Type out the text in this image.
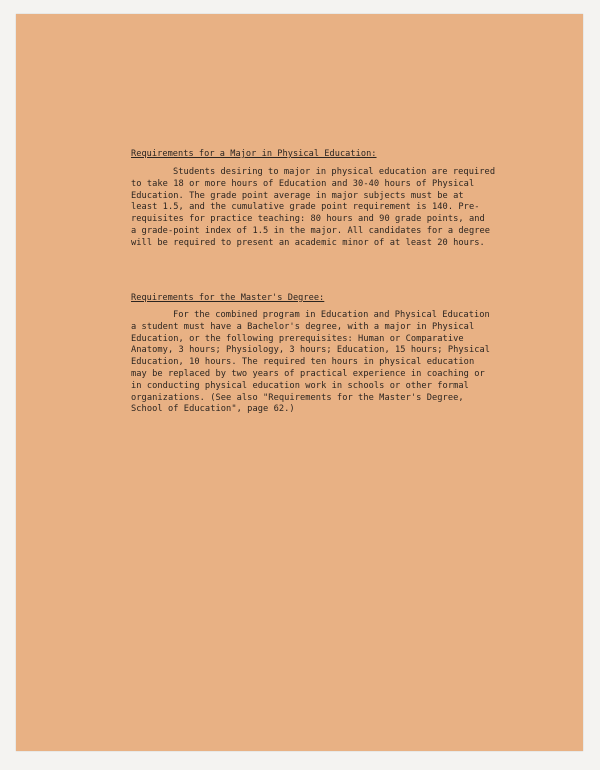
Requirements for a Major in Physical Education:
Students desiring to major in physical education are required
to take 18 or more hours of Education and 30-40 hours of Physical
Education. The grade point average in major subjects must be at
least 1.5, and the cumulative grade point requirement is 140. Pre-
requisites for practice teaching: 80 hours and 90 grade points, and
a grade-point index of 1.5 in the major. All candidates for a degree
will be required to present an academic minor of at least 20 hours.
Requirements for the Master's Degree:
For the combined program in Education and Physical Education
a student must have a Bachelor's degree, with a major in Physical
Education, or the following prerequisites: Human or Comparative
Anatomy, 3 hours; Physiology, 3 hours; Education, 15 hours; Physical
Education, 10 hours. The required ten hours in physical education
may be replaced by two years of practical experience in coaching or
in conducting physical education work in schools or other formal
organizations. (See also "Requirements for the Master's Degree,
School of Education", page 62.)
